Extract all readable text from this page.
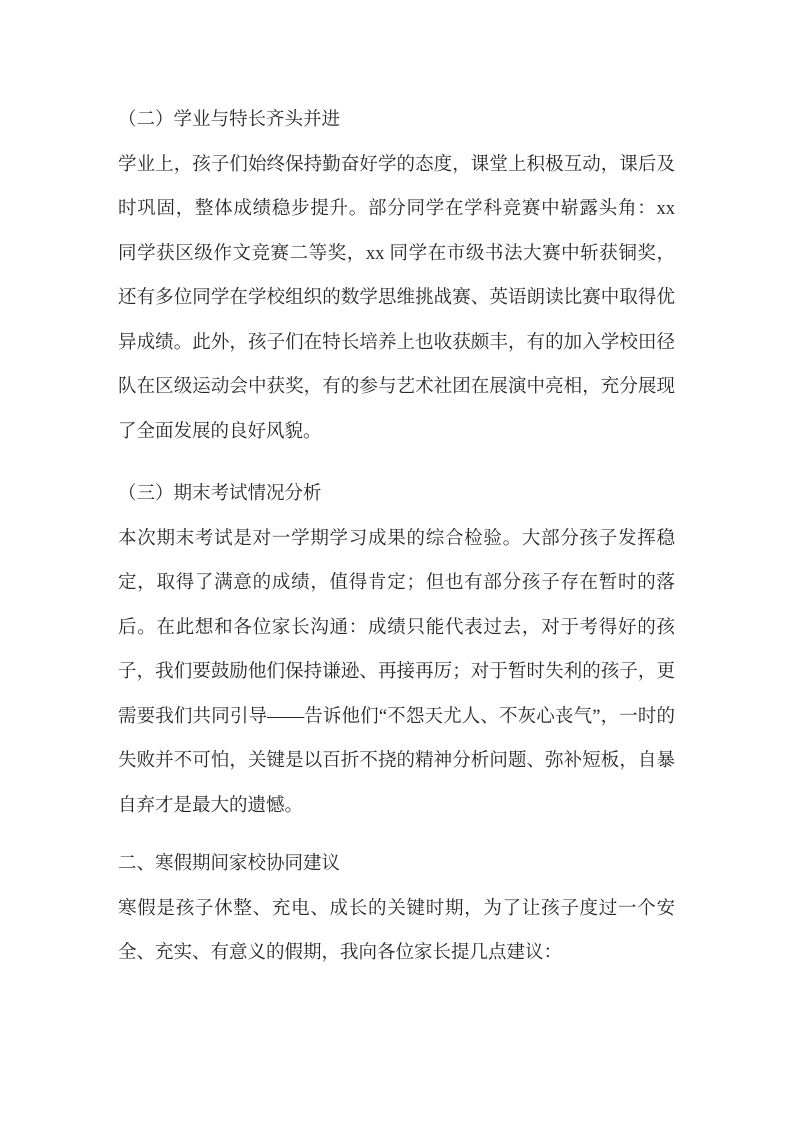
（二）学业与特长齐头并进

学业上，孩子们始终保持勤奋好学的态度，课堂上积极互动，课后及时巩固，整体成绩稳步提升。部分同学在学科竞赛中崭露头角：xx 同学获区级作文竞赛二等奖，xx 同学在市级书法大赛中斩获铜奖，还有多位同学在学校组织的数学思维挑战赛、英语朗读比赛中取得优异成绩。此外，孩子们在特长培养上也收获颇丰，有的加入学校田径队在区级运动会中获奖，有的参与艺术社团在展演中亮相，充分展现了全面发展的良好风貌。

（三）期末考试情况分析

本次期末考试是对一学期学习成果的综合检验。大部分孩子发挥稳定，取得了满意的成绩，值得肯定；但也有部分孩子存在暂时的落后。在此想和各位家长沟通：成绩只能代表过去，对于考得好的孩子，我们要鼓励他们保持谦逊、再接再厉；对于暂时失利的孩子，更需要我们共同引导——告诉他们“不怨天尤人、不灰心丧气”，一时的失败并不可怕，关键是以百折不挠的精神分析问题、弥补短板，自暴自弃才是最大的遗憾。

二、寒假期间家校协同建议

寒假是孩子休整、充电、成长的关键时期，为了让孩子度过一个安全、充实、有意义的假期，我向各位家长提几点建议：
